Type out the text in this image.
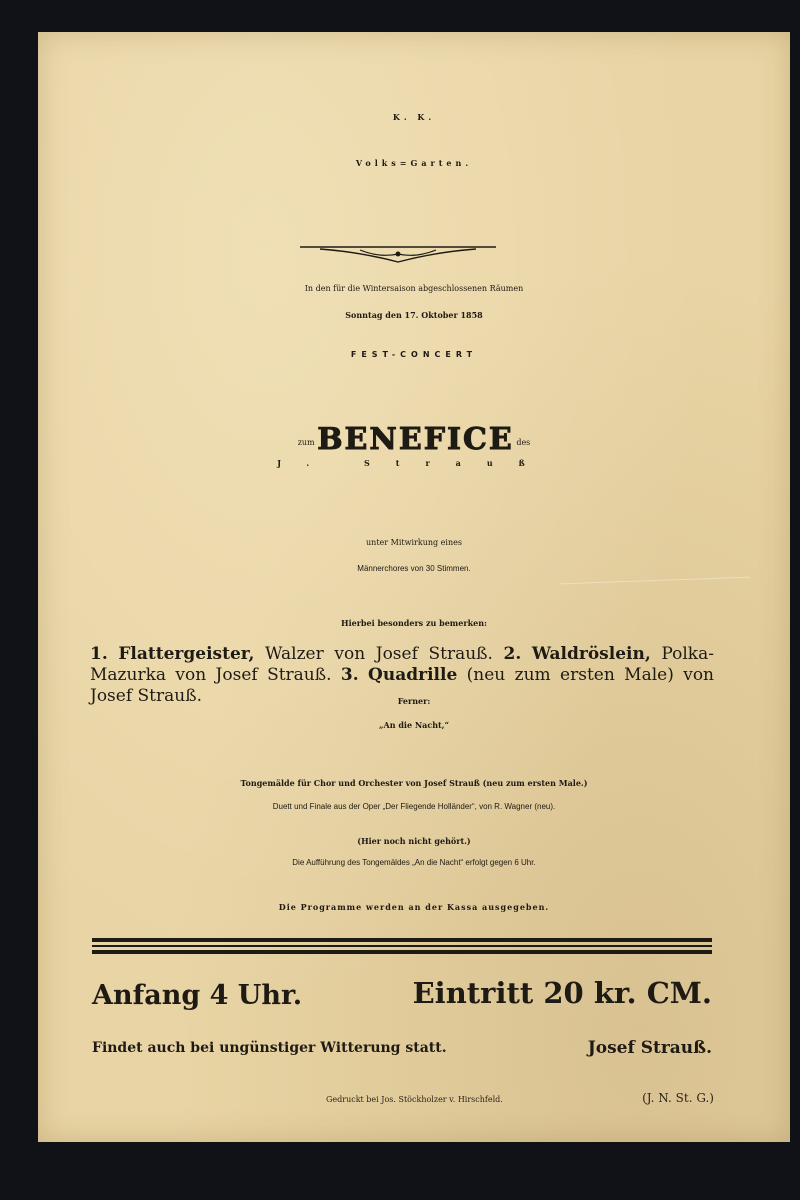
K. K.
Volks=Garten.
In den für die Wintersaison abgeschlossenen Räumen
Sonntag den 17. Oktober 1858
FEST-CONCERT
zum BENEFICE des
J. Strauß
unter Mitwirkung eines
Männerchores von 30 Stimmen.
Hierbei besonders zu bemerken:
1. Flattergeister, Walzer von Josef Strauß. 2. Waldröslein, Polka-Mazurka von Josef Strauß. 3. Quadrille (neu zum ersten Male) von Josef Strauß.	Ferner:
„An die Nacht,“
Tongemälde für Chor und Orchester von Josef Strauß (neu zum ersten Male.)
Duett und Finale aus der Oper „Der Fliegende Holländer“, von R. Wagner (neu).
(Hier noch nicht gehört.)
Die Aufführung des Tongemäldes „An die Nacht“ erfolgt gegen 6 Uhr.
Die Programme werden an der Kassa ausgegeben.
Anfang 4 Uhr.	Eintritt 20 kr. CM.
Findet auch bei ungünstiger Witterung statt.	Josef Strauß.
Gedruckt bei Jos. Stöckholzer v. Hirschfeld.	(J. N. St. G.)
